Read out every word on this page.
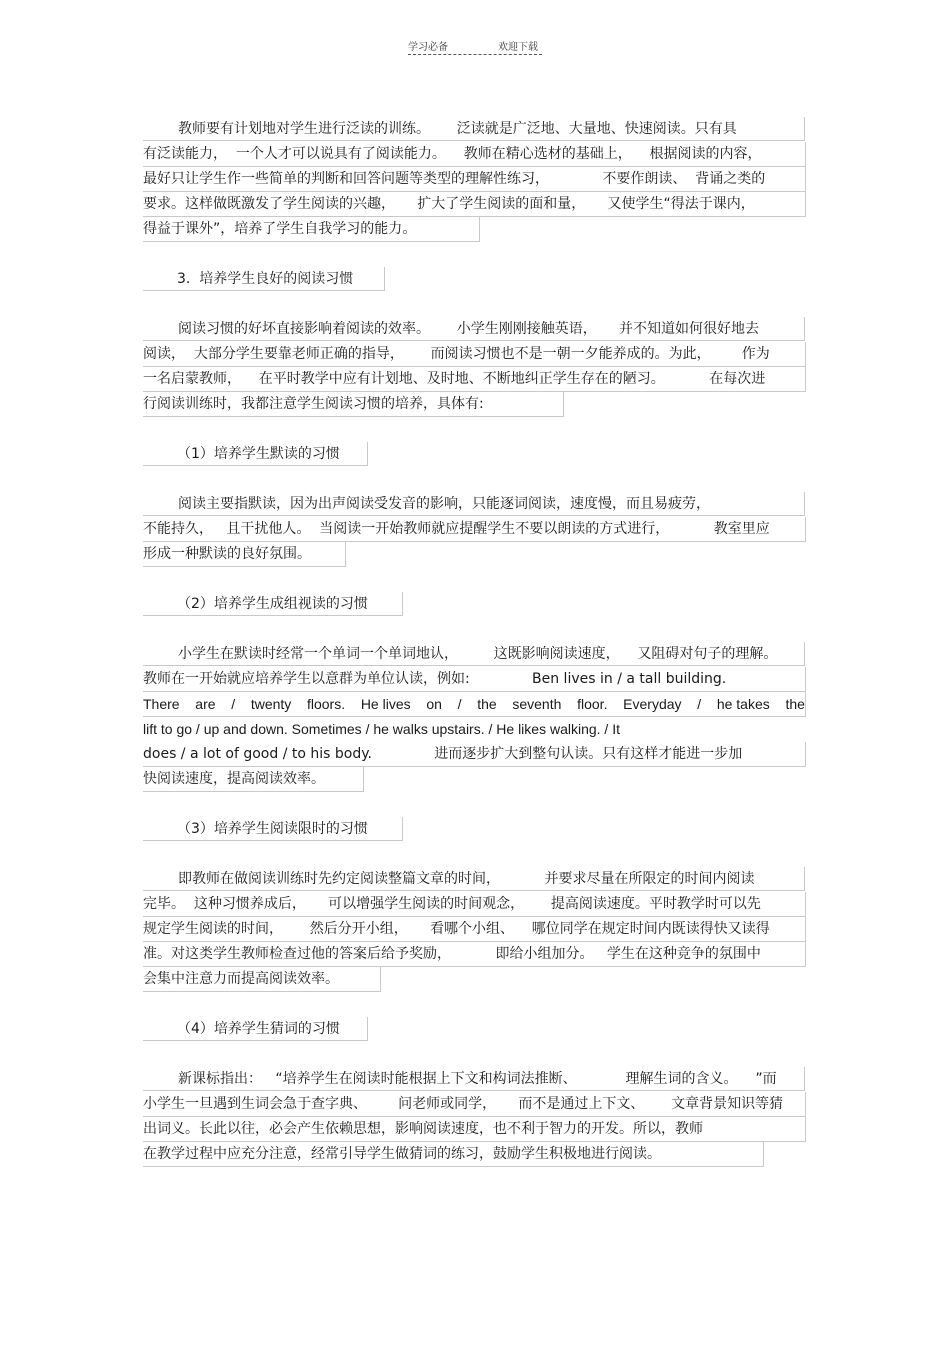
学习必备	欢迎下载
教师要有计划地对学生进行泛读的训练。      泛读就是广泛地、大量地、快速阅读。只有具
有泛读能力，  一个人才可以说具有了阅读能力。    教师在精心选材的基础上，    根据阅读的内容，
最好只让学生作一些简单的判断和回答问题等类型的理解性练习，            不要作朗读、  背诵之类的
要求。这样做既激发了学生阅读的兴趣，     扩大了学生阅读的面和量，     又使学生“得法于课内，
得益于课外”，培养了学生自我学习的能力。
3.  培养学生良好的阅读习惯
阅读习惯的好坏直接影响着阅读的效率。      小学生刚刚接触英语，     并不知道如何很好地去
阅读，  大部分学生要靠老师正确的指导，      而阅读习惯也不是一朝一夕能养成的。为此，       作为
一名启蒙教师，    在平时教学中应有计划地、及时地、不断地纠正学生存在的陋习。          在每次进
行阅读训练时，我都注意学生阅读习惯的培养，具体有:
（1）培养学生默读的习惯
阅读主要指默读，因为出声阅读受发音的影响，只能逐词阅读，速度慢，而且易疲劳，
不能持久，   且干扰他人。  当阅读一开始教师就应提醒学生不要以朗读的方式进行，          教室里应
形成一种默读的良好氛围。
（2）培养学生成组视读的习惯
小学生在默读时经常一个单词一个单词地认，        这既影响阅读速度，    又阻碍对句子的理解。
教师在一开始就应培养学生以意群为单位认读，例如:              Ben lives in / a tall building.
There are / twenty floors. He lives on / the seventh floor. Everyday / he takes the
lift to go / up and down. Sometimes / he walks upstairs. / He likes walking. / It
does / a lot of good / to his body.              进而逐步扩大到整句认读。只有这样才能进一步加
快阅读速度，提高阅读效率。
（3）培养学生阅读限时的习惯
即教师在做阅读训练时先约定阅读整篇文章的时间，          并要求尽量在所限定的时间内阅读
完毕。  这种习惯养成后，     可以增强学生阅读的时间观念，      提高阅读速度。平时教学时可以先
规定学生阅读的时间，      然后分开小组，     看哪个小组、    哪位同学在规定时间内既读得快又读得
准。对这类学生教师检查过他的答案后给予奖励，          即给小组加分。   学生在这种竞争的氛围中
会集中注意力而提高阅读效率。
（4）培养学生猜词的习惯
新课标指出：   “培养学生在阅读时能根据上下文和构词法推断、           理解生词的含义。    ”而
小学生一旦遇到生词会急于查字典、       问老师或同学，     而不是通过上下文、      文章背景知识等猜
出词义。长此以往，必会产生依赖思想，影响阅读速度，也不利于智力的开发。所以，教师
在教学过程中应充分注意，经常引导学生做猜词的练习，鼓励学生积极地进行阅读。
